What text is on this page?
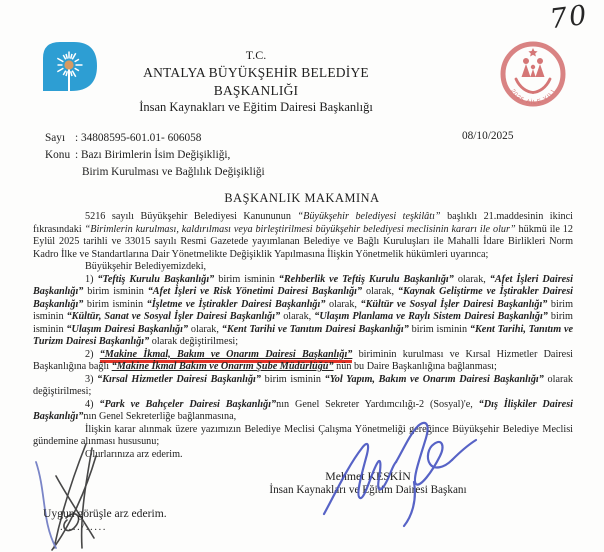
70
2025 AİLE YILI
T.C.
ANTALYA BÜYÜKŞEHİR BELEDİYE BAŞKANLIĞI
İnsan Kaynakları ve Eğitim Dairesi Başkanlığı
Sayı : 34808595-601.01- 606058
Konu : Bazı Birimlerin İsim Değişikliği,
Birim Kurulması ve Bağlılık Değişikliği
08/10/2025
BAŞKANLIK MAKAMINA

5216 sayılı Büyükşehir Belediyesi Kanununun “Büyükşehir belediyesi teşkilâtı” başlıklı 21.maddesinin ikinci fıkrasındaki “Birimlerin kurulması, kaldırılması veya birleştirilmesi büyükşehir belediyesi meclisinin kararı ile olur” hükmü ile 12 Eylül 2025 tarihli ve 33015 sayılı Resmi Gazetede yayımlanan Belediye ve Bağlı Kuruluşları ile Mahalli İdare Birlikleri Norm Kadro İlke ve Standartlarına Dair Yönetmelikte Değişiklik Yapılmasına İlişkin Yönetmelik hükümleri uyarınca;

Büyükşehir Belediyemizdeki,

1) “Teftiş Kurulu Başkanlığı” birim isminin “Rehberlik ve Teftiş Kurulu Başkanlığı” olarak, “Afet İşleri Dairesi Başkanlığı” birim isminin “Afet İşleri ve Risk Yönetimi Dairesi Başkanlığı” olarak, “Kaynak Geliştirme ve İştirakler Dairesi Başkanlığı” birim isminin “İşletme ve İştirakler Dairesi Başkanlığı” olarak, “Kültür ve Sosyal İşler Dairesi Başkanlığı” birim isminin “Kültür, Sanat ve Sosyal İşler Dairesi Başkanlığı” olarak, “Ulaşım Planlama ve Raylı Sistem Dairesi Başkanlığı” birim isminin “Ulaşım Dairesi Başkanlığı” olarak, “Kent Tarihi ve Tanıtım Dairesi Başkanlığı” birim isminin “Kent Tarihi, Tanıtım ve Turizm Dairesi Başkanlığı” olarak değiştirilmesi;

2) “Makine İkmal, Bakım ve Onarım Dairesi Başkanlığı” biriminin kurulması ve Kırsal Hizmetler Dairesi Başkanlığına bağlı “Makine İkmal Bakım ve Onarım Şube Müdürlüğü” nün bu Daire Başkanlığına bağlanması;

3) “Kırsal Hizmetler Dairesi Başkanlığı” birim isminin “Yol Yapım, Bakım ve Onarım Dairesi Başkanlığı” olarak değiştirilmesi;

4) “Park ve Bahçeler Dairesi Başkanlığı”nın Genel Sekreter Yardımcılığı-2 (Sosyal)'e, “Dış İlişkiler Dairesi Başkanlığı”nın Genel Sekreterliğe bağlanmasına,

İlişkin karar alınmak üzere yazımızın Belediye Meclisi Çalışma Yönetmeliği gereğince Büyükşehir Belediye Meclisi gündemine alınması hususunu;

Olurlarınıza arz ederim.

Mehmet KESKİN
İnsan Kaynakları ve Eğitim Dairesi Başkanı
Uygun görüşle arz ederim.
...../.....
